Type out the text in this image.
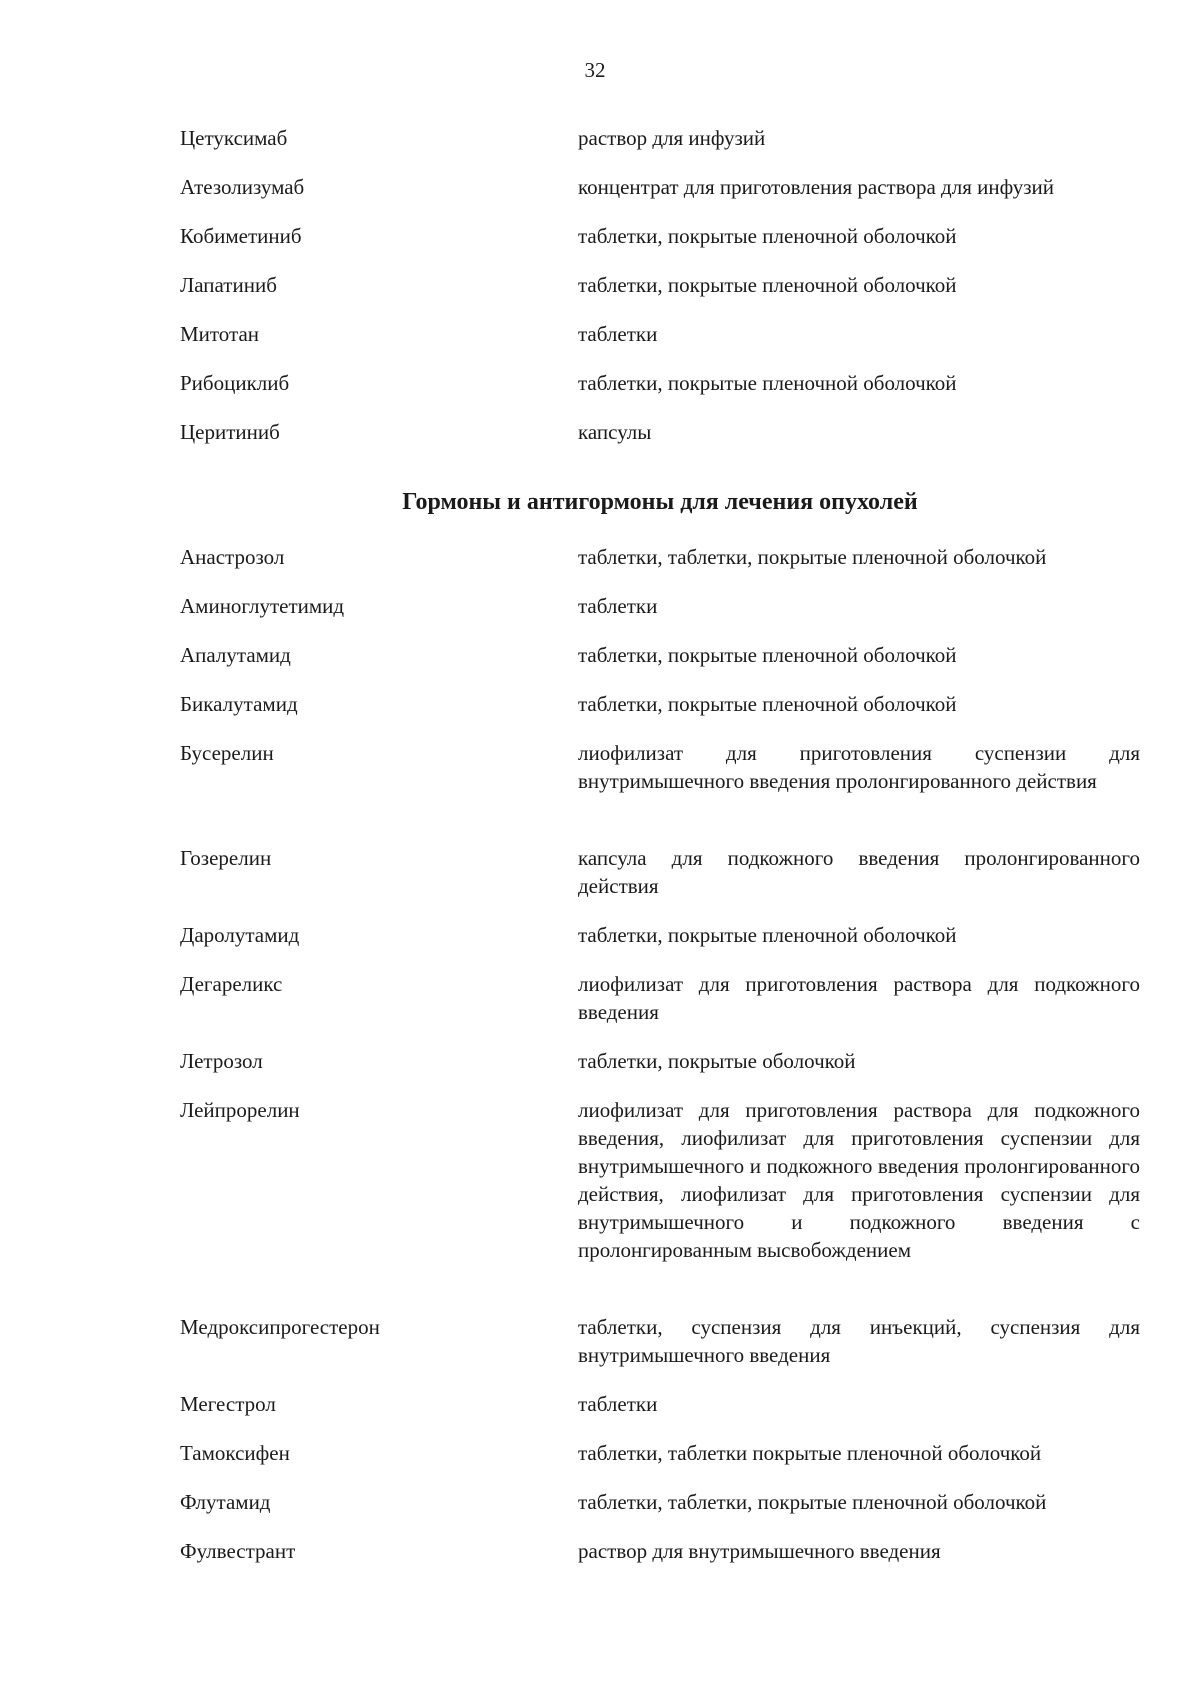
32
Цетуксимаб	раствор для инфузий
Атезолизумаб	концентрат для приготовления раствора для инфузий
Кобиметиниб	таблетки, покрытые пленочной оболочкой
Лапатиниб	таблетки, покрытые пленочной оболочкой
Митотан	таблетки
Рибоциклиб	таблетки, покрытые пленочной оболочкой
Церитиниб	капсулы
Гормоны и антигормоны для лечения опухолей
Анастрозол	таблетки, таблетки, покрытые пленочной оболочкой
Аминоглутетимид	таблетки
Апалутамид	таблетки, покрытые пленочной оболочкой
Бикалутамид	таблетки, покрытые пленочной оболочкой
Бусерелин	лиофилизат для приготовления суспензии для внутримышечного введения пролонгированного действия
Гозерелин	капсула для подкожного введения пролонгированного действия
Даролутамид	таблетки, покрытые пленочной оболочкой
Дегареликс	лиофилизат для приготовления раствора для подкожного введения
Летрозол	таблетки, покрытые оболочкой
Лейпрорелин	лиофилизат для приготовления раствора для подкожного введения, лиофилизат для приготовления суспензии для внутримышечного и подкожного введения пролонгированного действия, лиофилизат для приготовления суспензии для внутримышечного и подкожного введения с пролонгированным высвобождением
Медроксипрогестерон	таблетки, суспензия для инъекций, суспензия для внутримышечного введения
Мегестрол	таблетки
Тамоксифен	таблетки, таблетки покрытые пленочной оболочкой
Флутамид	таблетки, таблетки, покрытые пленочной оболочкой
Фулвестрант	раствор для внутримышечного введения
